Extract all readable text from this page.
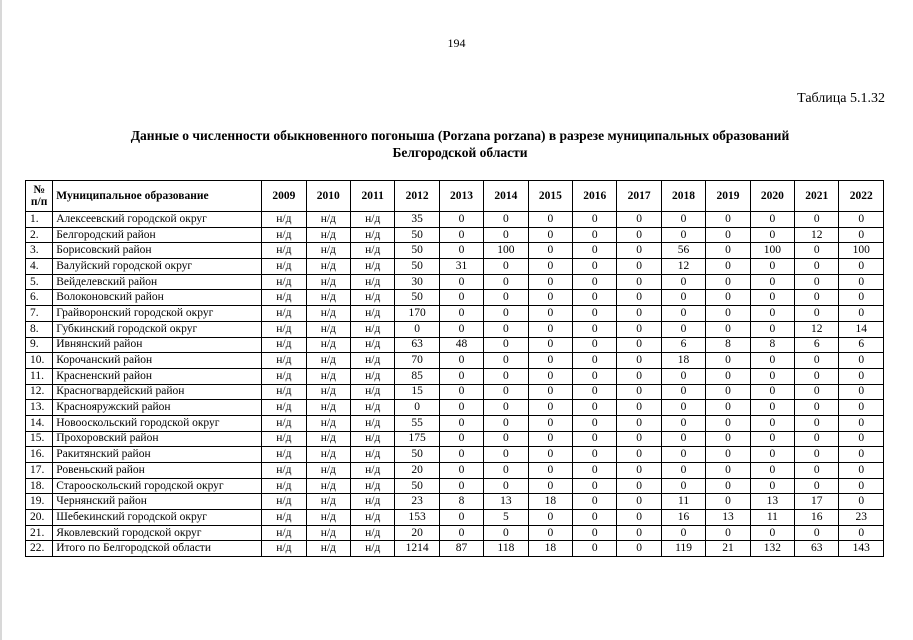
194
Таблица 5.1.32
Данные о численности обыкновенного погоныша (Porzana porzana) в разрезе муниципальных образований
Белгородской области
№ п/п	Муниципальное образование	2009	2010	2011	2012	2013	2014	2015	2016	2017	2018	2019	2020	2021	2022
1.	Алексеевский городской округ	н/д	н/д	н/д	35	0	0	0	0	0	0	0	0	0	0
2.	Белгородский район	н/д	н/д	н/д	50	0	0	0	0	0	0	0	0	12	0
3.	Борисовский район	н/д	н/д	н/д	50	0	100	0	0	0	56	0	100	0	100
4.	Валуйский городской округ	н/д	н/д	н/д	50	31	0	0	0	0	12	0	0	0	0
5.	Вейделевский район	н/д	н/д	н/д	30	0	0	0	0	0	0	0	0	0	0
6.	Волоконовский район	н/д	н/д	н/д	50	0	0	0	0	0	0	0	0	0	0
7.	Грайворонский городской округ	н/д	н/д	н/д	170	0	0	0	0	0	0	0	0	0	0
8.	Губкинский городской округ	н/д	н/д	н/д	0	0	0	0	0	0	0	0	0	12	14
9.	Ивнянский район	н/д	н/д	н/д	63	48	0	0	0	0	6	8	8	6	6
10.	Корочанский район	н/д	н/д	н/д	70	0	0	0	0	0	18	0	0	0	0
11.	Красненский район	н/д	н/д	н/д	85	0	0	0	0	0	0	0	0	0	0
12.	Красногвардейский район	н/д	н/д	н/д	15	0	0	0	0	0	0	0	0	0	0
13.	Краснояружский район	н/д	н/д	н/д	0	0	0	0	0	0	0	0	0	0	0
14.	Новооскольский городской округ	н/д	н/д	н/д	55	0	0	0	0	0	0	0	0	0	0
15.	Прохоровский район	н/д	н/д	н/д	175	0	0	0	0	0	0	0	0	0	0
16.	Ракитянский район	н/д	н/д	н/д	50	0	0	0	0	0	0	0	0	0	0
17.	Ровеньский район	н/д	н/д	н/д	20	0	0	0	0	0	0	0	0	0	0
18.	Старооскольский городской округ	н/д	н/д	н/д	50	0	0	0	0	0	0	0	0	0	0
19.	Чернянский район	н/д	н/д	н/д	23	8	13	18	0	0	11	0	13	17	0
20.	Шебекинский городской округ	н/д	н/д	н/д	153	0	5	0	0	0	16	13	11	16	23
21.	Яковлевский городской округ	н/д	н/д	н/д	20	0	0	0	0	0	0	0	0	0	0
22.	Итого по Белгородской области	н/д	н/д	н/д	1214	87	118	18	0	0	119	21	132	63	143
